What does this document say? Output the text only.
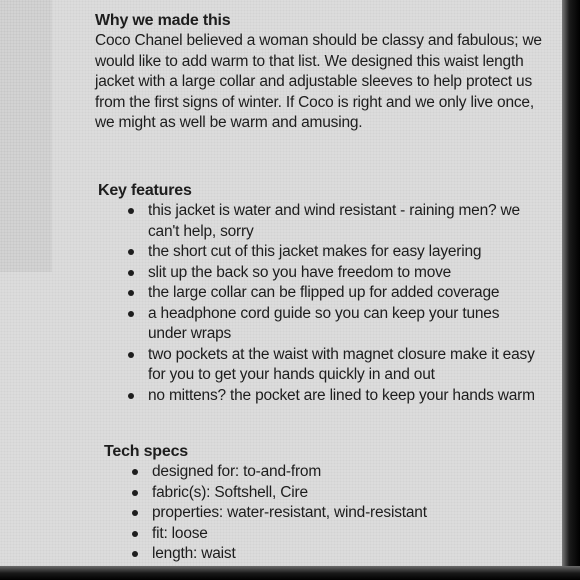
Why we made this

Coco Chanel believed a woman should be classy and fabulous; we would like to add warm to that list. We designed this waist length jacket with a large collar and adjustable sleeves to help protect us from the first signs of winter. If Coco is right and we only live once, we might as well be warm and amusing.

Key features
this jacket is water and wind resistant - raining men? we can't help, sorry
the short cut of this jacket makes for easy layering
slit up the back so you have freedom to move
the large collar can be flipped up for added coverage
a headphone cord guide so you can keep your tunes under wraps
two pockets at the waist with magnet closure make it easy for you to get your hands quickly in and out
no mittens? the pocket are lined to keep your hands warm
Tech specs
designed for: to-and-from
fabric(s): Softshell, Cire
properties: water-resistant, wind-resistant
fit: loose
length: waist
